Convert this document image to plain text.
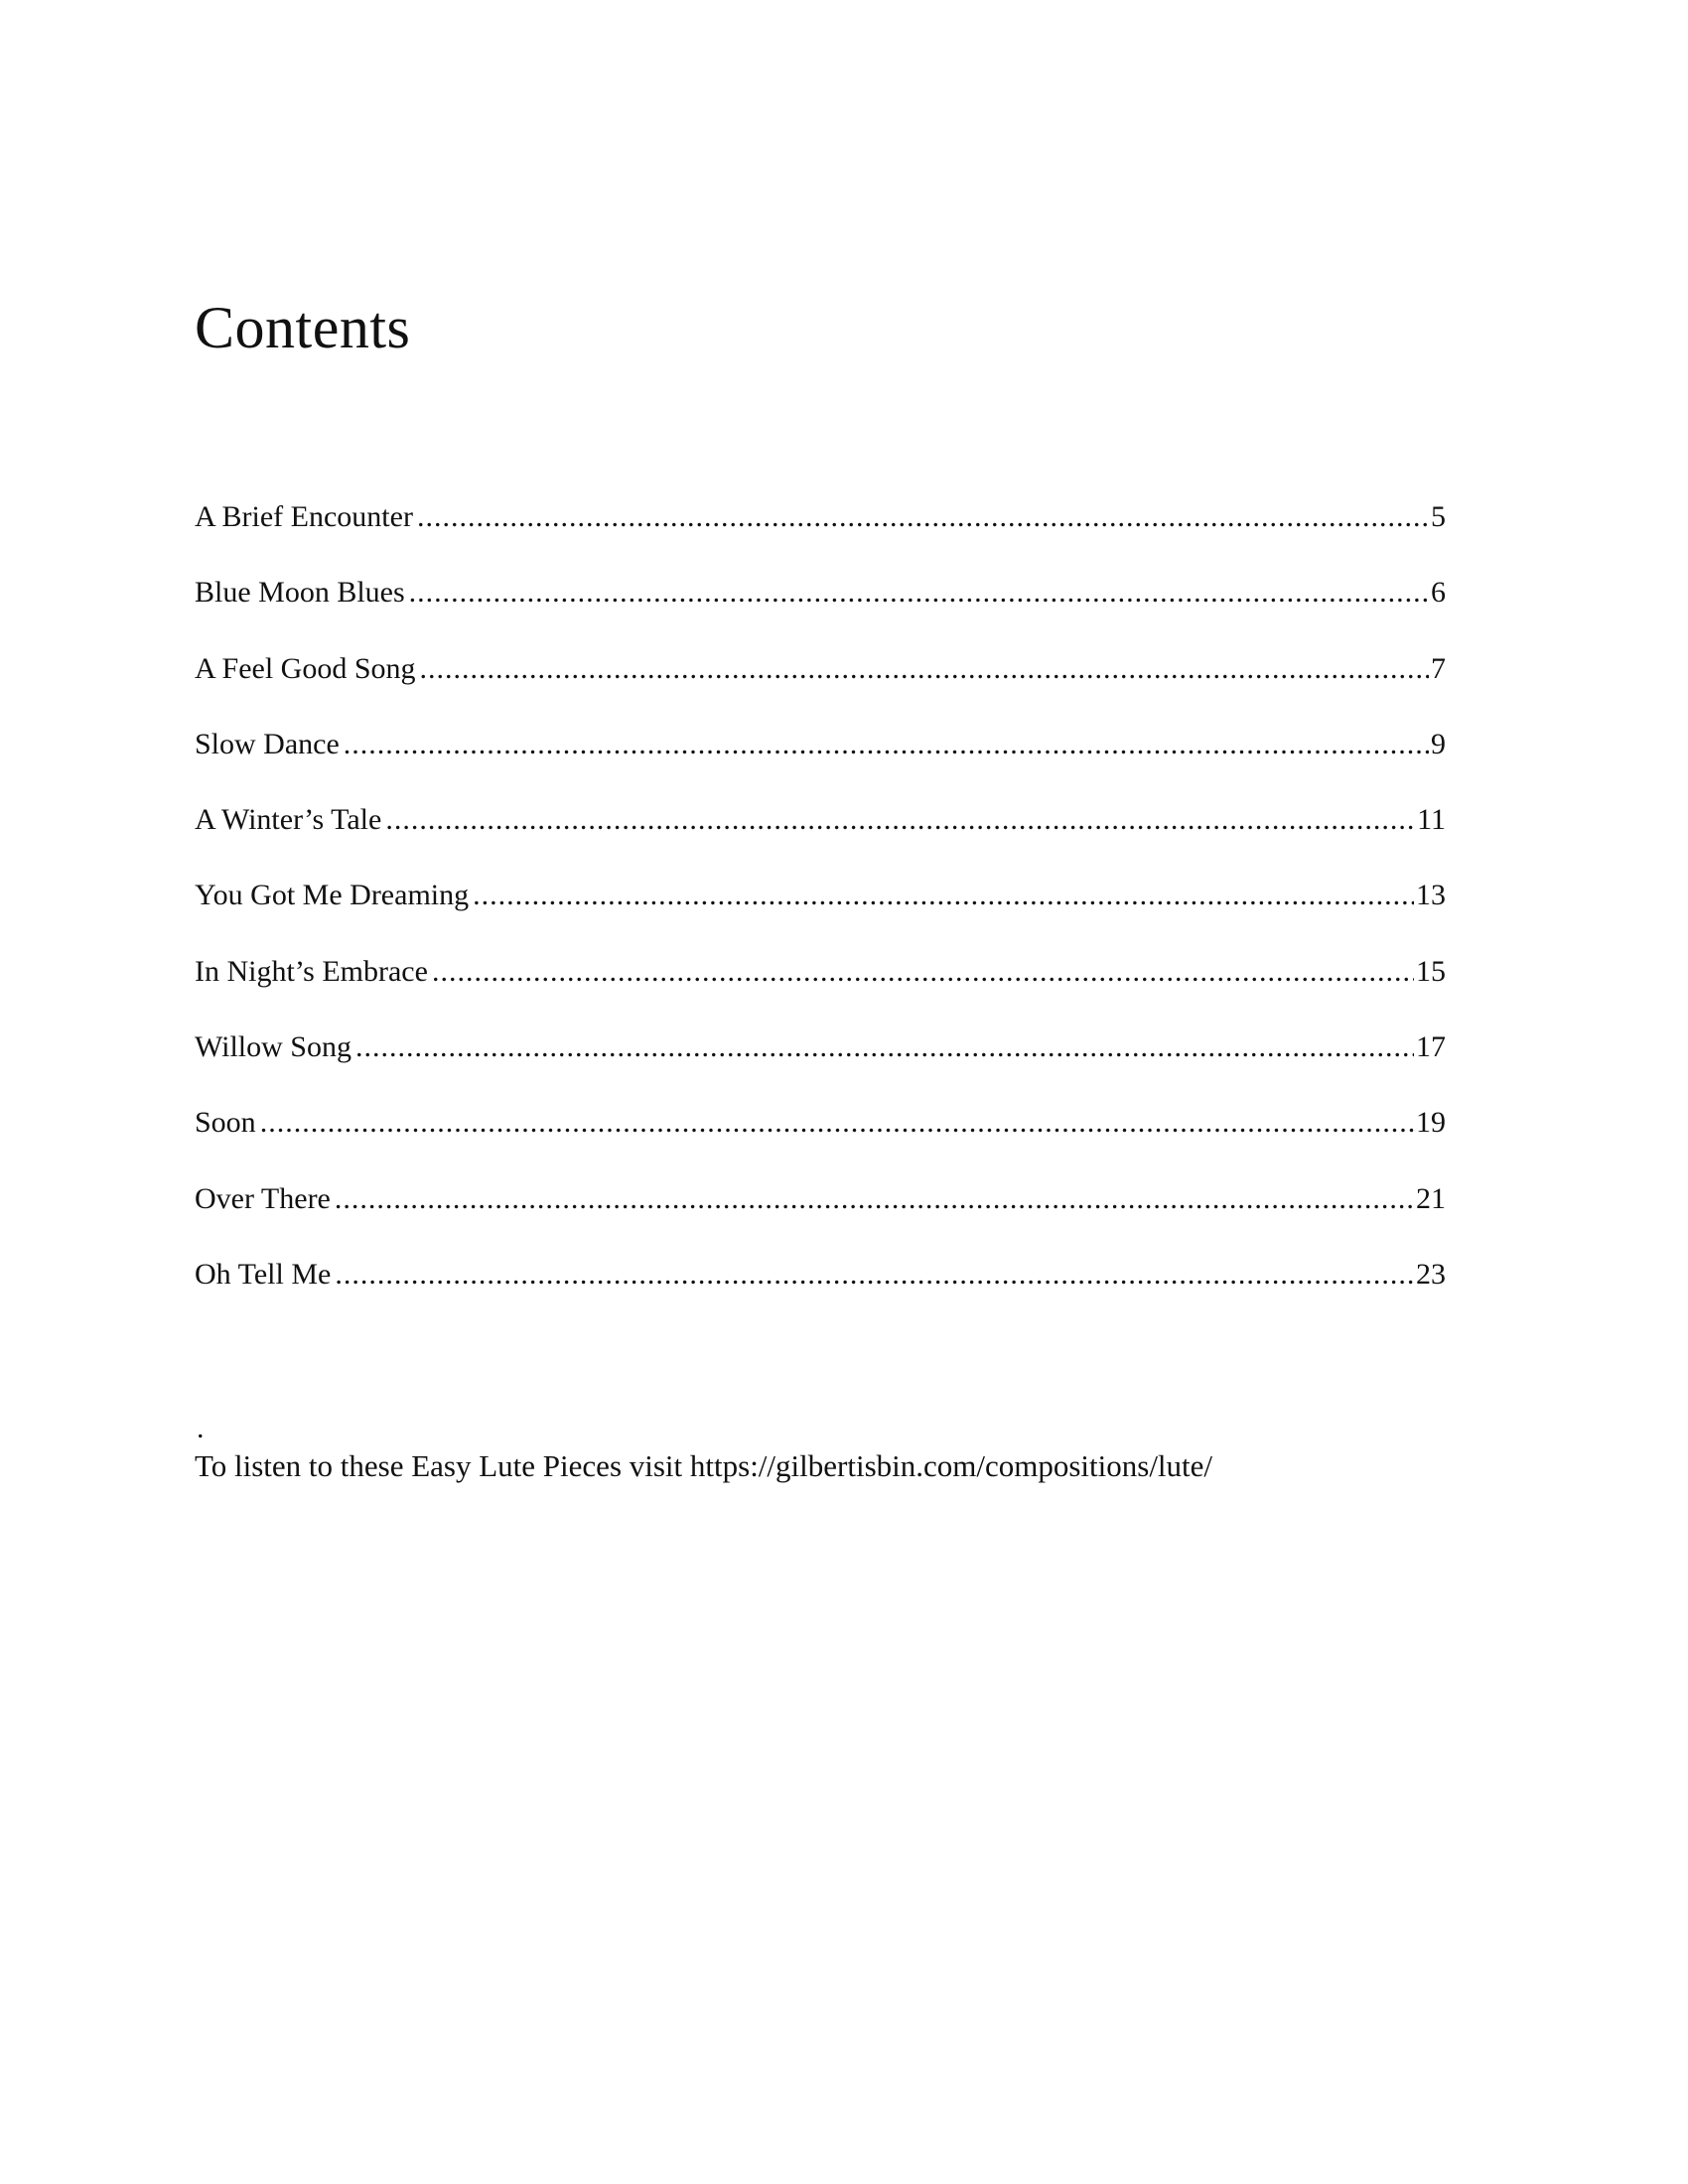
Contents
A Brief Encounter .....	5
Blue Moon Blues .....	6
A Feel Good Song .....	7
Slow Dance .....	9
A Winter’s Tale .....	11
You Got Me Dreaming .....	13
In Night’s Embrace .....	15
Willow Song .....	17
Soon .....	19
Over There .....	21
Oh Tell Me .....	23
.
To listen to these Easy Lute Pieces visit https://gilbertisbin.com/compositions/lute/
